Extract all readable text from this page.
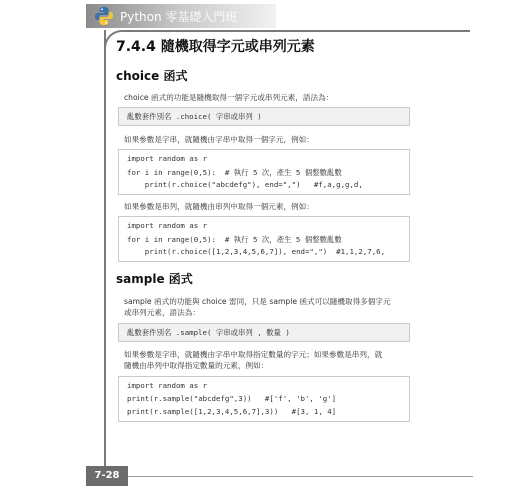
Python 零基礎入門班
7.4.4 隨機取得字元或串列元素
choice 函式
choice 函式的功能是隨機取得一個字元或串列元素，語法為：
亂數套件別名 .choice( 字串或串列 )
如果參數是字串，就隨機由字串中取得一個字元，例如：
import random as r
for i in range(0,5):  # 執行 5 次，產生 5 個整數亂數
print(r.choice("abcdefg"), end=",")   #f,a,g,g,d,
如果參數是串列，就隨機由串列中取得一個元素，例如：
import random as r
for i in range(0,5):  # 執行 5 次，產生 5 個整數亂數
print(r.choice([1,2,3,4,5,6,7]), end=",")  #1,1,2,7,6,
sample 函式
sample 函式的功能與 choice 雷同，只是 sample 函式可以隨機取得多個字元
或串列元素，語法為：
亂數套件別名 .sample( 字串或串列 , 數量 )
如果參數是字串，就隨機由字串中取得指定數量的字元；如果參數是串列，就
隨機由串列中取得指定數量的元素，例如：
import random as r
print(r.sample("abcdefg",3))   #['f', 'b', 'g']
print(r.sample([1,2,3,4,5,6,7],3))   #[3, 1, 4]
7-28
